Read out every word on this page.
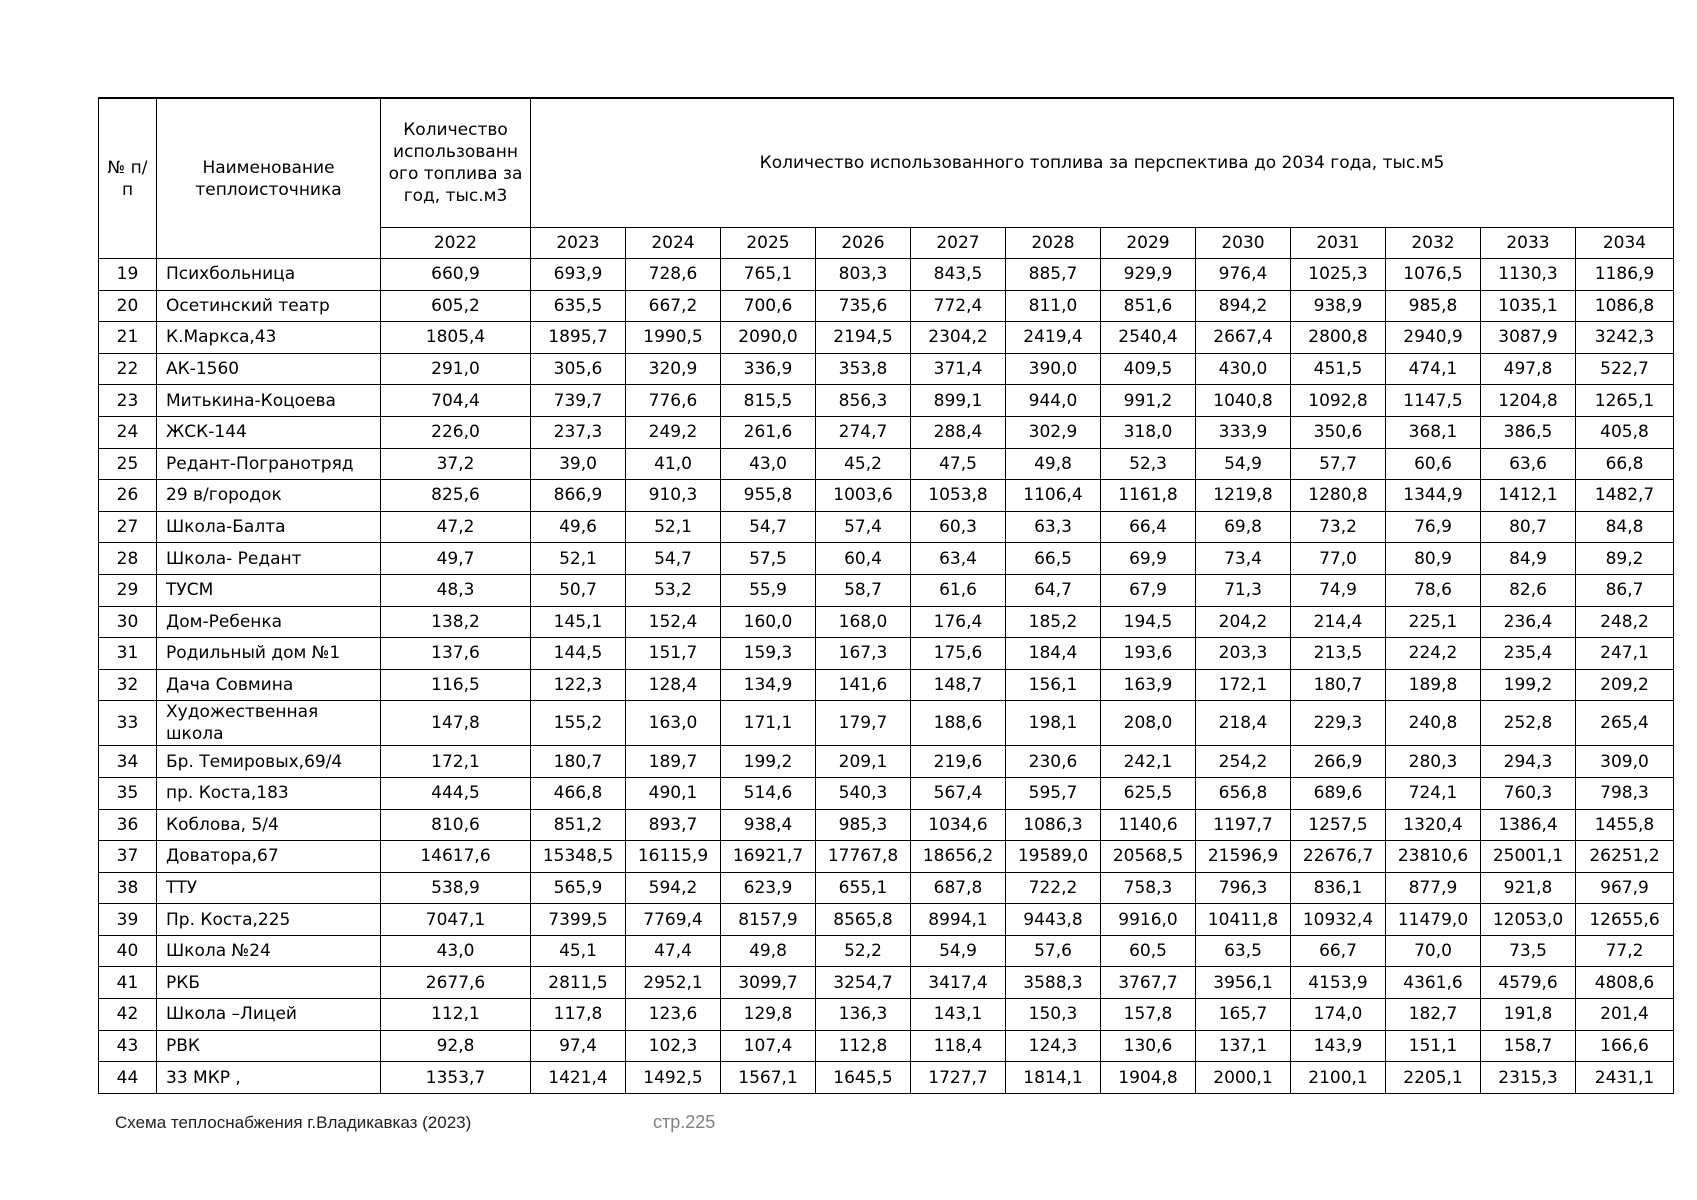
№ п/п	Наименование теплоисточника	Количество использованн ого топлива за год, тыс.м3	Количество использованного топлива за перспектива до 2034 года, тыс.м5											
		2022	2023	2024	2025	2026	2027	2028	2029	2030	2031	2032	2033	2034
19	Психбольница	660,9	693,9	728,6	765,1	803,3	843,5	885,7	929,9	976,4	1025,3	1076,5	1130,3	1186,9
20	Осетинский театр	605,2	635,5	667,2	700,6	735,6	772,4	811,0	851,6	894,2	938,9	985,8	1035,1	1086,8
21	К.Маркса,43	1805,4	1895,7	1990,5	2090,0	2194,5	2304,2	2419,4	2540,4	2667,4	2800,8	2940,9	3087,9	3242,3
22	АК-1560	291,0	305,6	320,9	336,9	353,8	371,4	390,0	409,5	430,0	451,5	474,1	497,8	522,7
23	Митькина-Коцоева	704,4	739,7	776,6	815,5	856,3	899,1	944,0	991,2	1040,8	1092,8	1147,5	1204,8	1265,1
24	ЖСК-144	226,0	237,3	249,2	261,6	274,7	288,4	302,9	318,0	333,9	350,6	368,1	386,5	405,8
25	Редант-Погранотряд	37,2	39,0	41,0	43,0	45,2	47,5	49,8	52,3	54,9	57,7	60,6	63,6	66,8
26	29 в/городок	825,6	866,9	910,3	955,8	1003,6	1053,8	1106,4	1161,8	1219,8	1280,8	1344,9	1412,1	1482,7
27	Школа-Балта	47,2	49,6	52,1	54,7	57,4	60,3	63,3	66,4	69,8	73,2	76,9	80,7	84,8
28	Школа- Редант	49,7	52,1	54,7	57,5	60,4	63,4	66,5	69,9	73,4	77,0	80,9	84,9	89,2
29	ТУСМ	48,3	50,7	53,2	55,9	58,7	61,6	64,7	67,9	71,3	74,9	78,6	82,6	86,7
30	Дом-Ребенка	138,2	145,1	152,4	160,0	168,0	176,4	185,2	194,5	204,2	214,4	225,1	236,4	248,2
31	Родильный дом №1	137,6	144,5	151,7	159,3	167,3	175,6	184,4	193,6	203,3	213,5	224,2	235,4	247,1
32	Дача Совмина	116,5	122,3	128,4	134,9	141,6	148,7	156,1	163,9	172,1	180,7	189,8	199,2	209,2
33	Художественная школа	147,8	155,2	163,0	171,1	179,7	188,6	198,1	208,0	218,4	229,3	240,8	252,8	265,4
34	Бр. Темировых,69/4	172,1	180,7	189,7	199,2	209,1	219,6	230,6	242,1	254,2	266,9	280,3	294,3	309,0
35	пр. Коста,183	444,5	466,8	490,1	514,6	540,3	567,4	595,7	625,5	656,8	689,6	724,1	760,3	798,3
36	Коблова, 5/4	810,6	851,2	893,7	938,4	985,3	1034,6	1086,3	1140,6	1197,7	1257,5	1320,4	1386,4	1455,8
37	Доватора,67	14617,6	15348,5	16115,9	16921,7	17767,8	18656,2	19589,0	20568,5	21596,9	22676,7	23810,6	25001,1	26251,2
38	ТТУ	538,9	565,9	594,2	623,9	655,1	687,8	722,2	758,3	796,3	836,1	877,9	921,8	967,9
39	Пр. Коста,225	7047,1	7399,5	7769,4	8157,9	8565,8	8994,1	9443,8	9916,0	10411,8	10932,4	11479,0	12053,0	12655,6
40	Школа №24	43,0	45,1	47,4	49,8	52,2	54,9	57,6	60,5	63,5	66,7	70,0	73,5	77,2
41	РКБ	2677,6	2811,5	2952,1	3099,7	3254,7	3417,4	3588,3	3767,7	3956,1	4153,9	4361,6	4579,6	4808,6
42	Школа –Лицей	112,1	117,8	123,6	129,8	136,3	143,1	150,3	157,8	165,7	174,0	182,7	191,8	201,4
43	РВК	92,8	97,4	102,3	107,4	112,8	118,4	124,3	130,6	137,1	143,9	151,1	158,7	166,6
44	33 МКР ,	1353,7	1421,4	1492,5	1567,1	1645,5	1727,7	1814,1	1904,8	2000,1	2100,1	2205,1	2315,3	2431,1
Схема теплоснабжения г.Владикавказ (2023)	стр.225
